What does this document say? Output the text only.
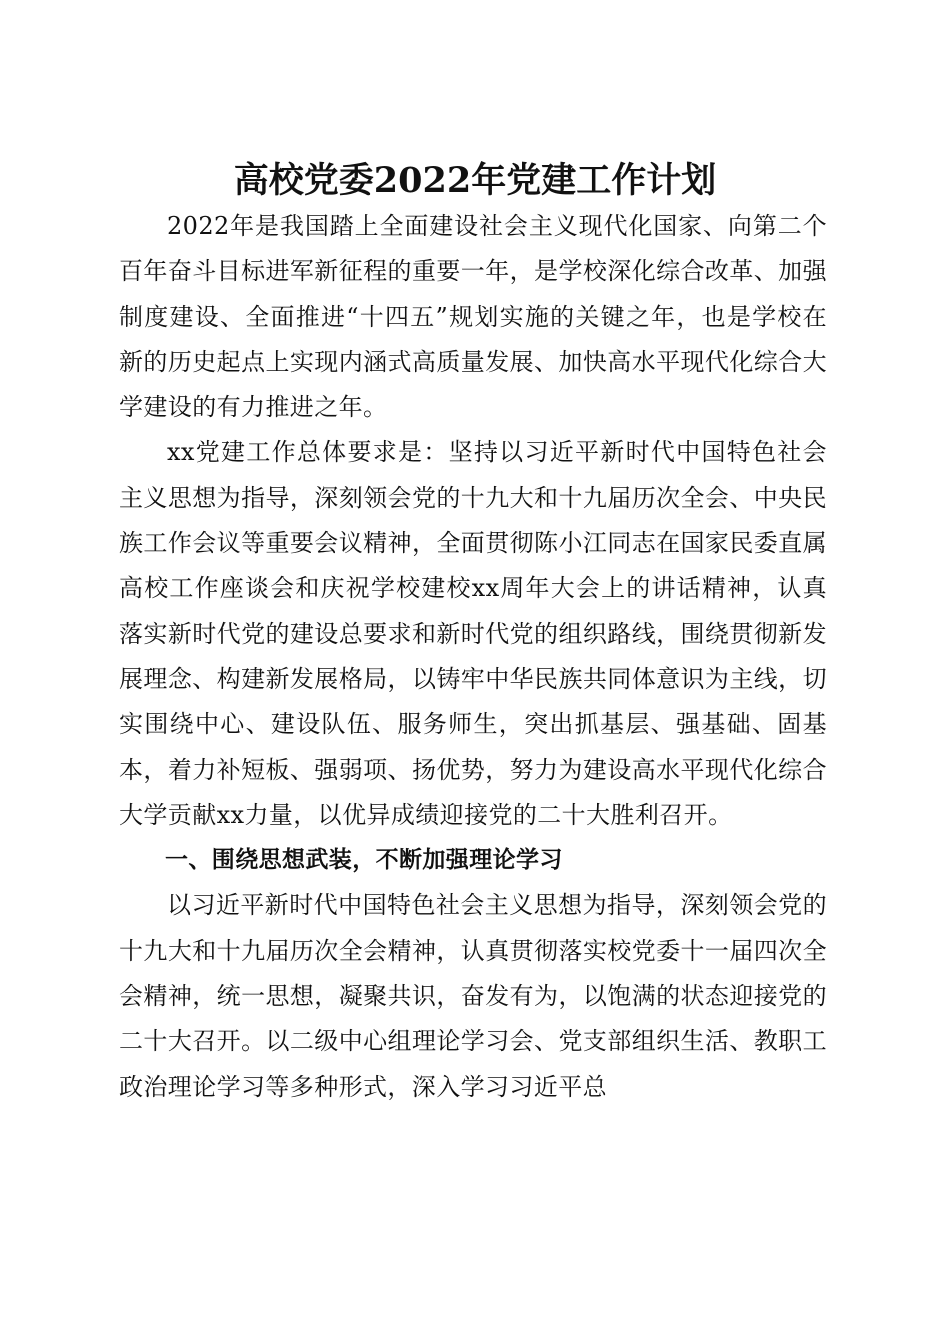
高校党委2022年党建工作计划

2022年是我国踏上全面建设社会主义现代化国家、向第二个百年奋斗目标进军新征程的重要一年，是学校深化综合改革、加强制度建设、全面推进“十四五”规划实施的关键之年，也是学校在新的历史起点上实现内涵式高质量发展、加快高水平现代化综合大学建设的有力推进之年。

xx党建工作总体要求是：坚持以习近平新时代中国特色社会主义思想为指导，深刻领会党的十九大和十九届历次全会、中央民族工作会议等重要会议精神，全面贯彻陈小江同志在国家民委直属高校工作座谈会和庆祝学校建校xx周年大会上的讲话精神，认真落实新时代党的建设总要求和新时代党的组织路线，围绕贯彻新发展理念、构建新发展格局，以铸牢中华民族共同体意识为主线，切实围绕中心、建设队伍、服务师生，突出抓基层、强基础、固基本，着力补短板、强弱项、扬优势，努力为建设高水平现代化综合大学贡献xx力量，以优异成绩迎接党的二十大胜利召开。

一、围绕思想武装，不断加强理论学习

以习近平新时代中国特色社会主义思想为指导，深刻领会党的十九大和十九届历次全会精神，认真贯彻落实校党委十一届四次全会精神，统一思想，凝聚共识，奋发有为，以饱满的状态迎接党的二十大召开。以二级中心组理论学习会、党支部组织生活、教职工政治理论学习等多种形式，深入学习习近平总
